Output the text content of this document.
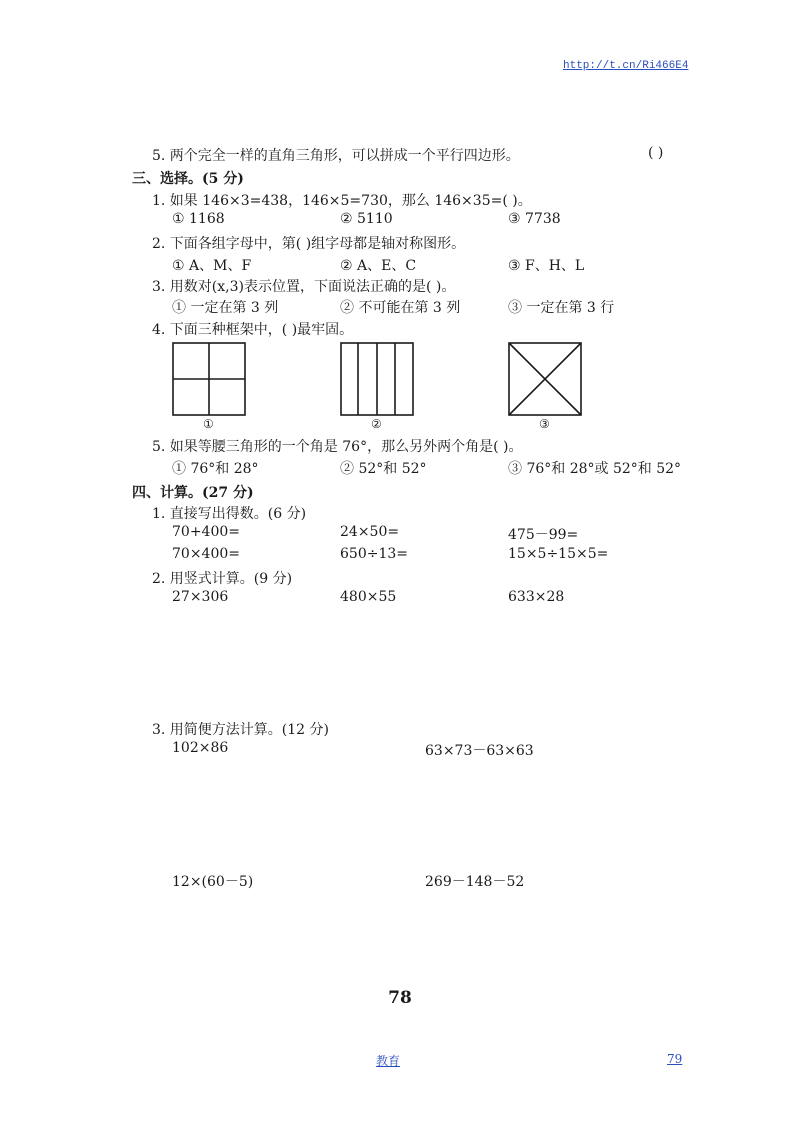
http://t.cn/Ri466E4
5. 两个完全一样的直角三角形，可以拼成一个平行四边形。	( )
三、选择。(5 分)
1. 如果 146×3=438，146×5=730，那么 146×35=( )。
① 1168	② 5110	③ 7738
2. 下面各组字母中，第( )组字母都是轴对称图形。
① A、M、F	② A、E、C	③ F、H、L
3. 用数对(x,3)表示位置，下面说法正确的是( )。
① 一定在第 3 列	② 不可能在第 3 列	③ 一定在第 3 行
4. 下面三种框架中，( )最牢固。
①	②	③
5. 如果等腰三角形的一个角是 76°，那么另外两个角是( )。
① 76°和 28°	② 52°和 52°	③ 76°和 28°或 52°和 52°
四、计算。(27 分)
1. 直接写出得数。(6 分)
70+400=	24×50=	475－99=
70×400=	650÷13=	15×5÷15×5=
2. 用竖式计算。(9 分)
27×306	480×55	633×28
3. 用简便方法计算。(12 分)
102×86	63×73－63×63
12×(60－5)	269－148－52
78
教育	79
